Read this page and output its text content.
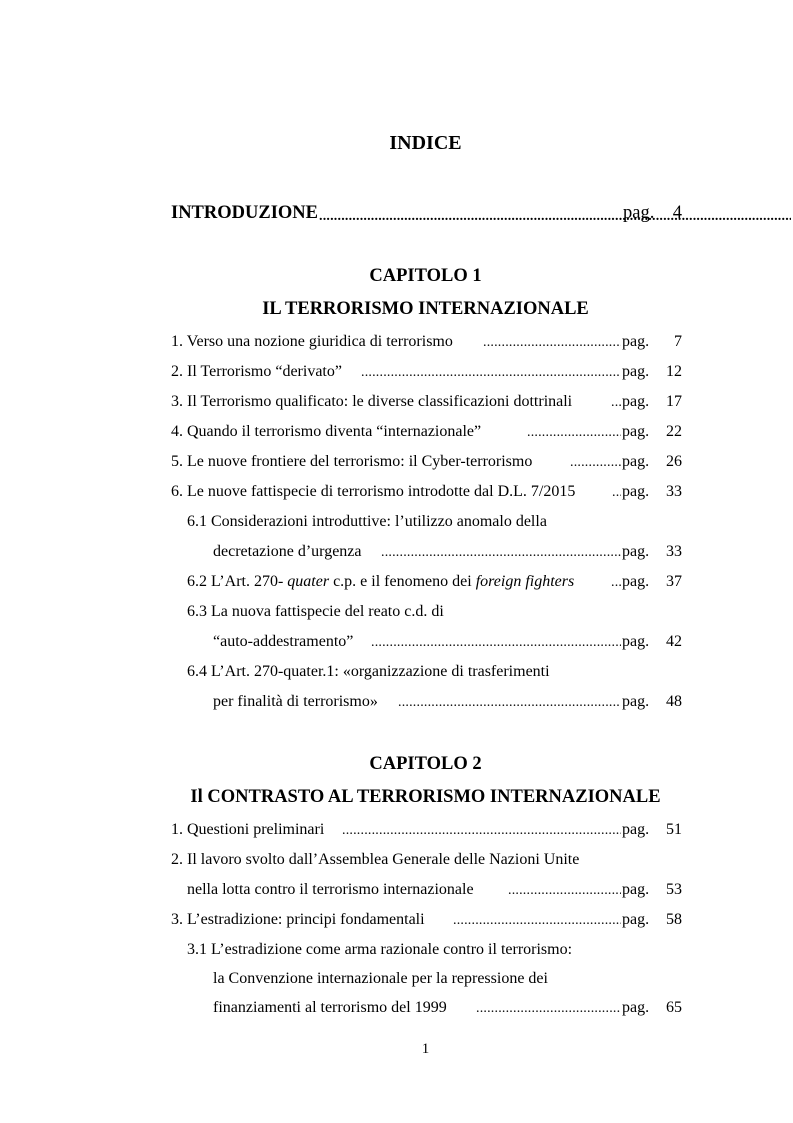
INDICE
INTRODUZIONE .....	pag. 4
CAPITOLO 1
IL TERRORISMO INTERNAZIONALE
1. Verso una nozione giuridica di terrorismo .....	pag. 7
2. Il Terrorismo “derivato” .....	pag. 12
3. Il Terrorismo qualificato: le diverse classificazioni dottrinali .....	pag. 17
4. Quando il terrorismo diventa “internazionale” .....	pag. 22
5. Le nuove frontiere del terrorismo: il Cyber-terrorismo .....	pag. 26
6. Le nuove fattispecie di terrorismo introdotte dal D.L. 7/2015 .....	pag. 33
6.1 Considerazioni introduttive: l’utilizzo anomalo della
decretazione d’urgenza .....	pag. 33
6.2 L’Art. 270- quater c.p. e il fenomeno dei foreign fighters .....	pag. 37
6.3 La nuova fattispecie del reato c.d. di
“auto-addestramento” .....	pag. 42
6.4 L’Art. 270-quater.1: «organizzazione di trasferimenti
per finalità di terrorismo» .....	pag. 48
CAPITOLO 2
Il CONTRASTO AL TERRORISMO INTERNAZIONALE
1. Questioni preliminari .....	pag. 51
2. Il lavoro svolto dall’Assemblea Generale delle Nazioni Unite
nella lotta contro il terrorismo internazionale .....	pag. 53
3. L’estradizione: principi fondamentali .....	pag. 58
3.1 L’estradizione come arma razionale contro il terrorismo:
la Convenzione internazionale per la repressione dei
finanziamenti al terrorismo del 1999 .....	pag. 65
1
